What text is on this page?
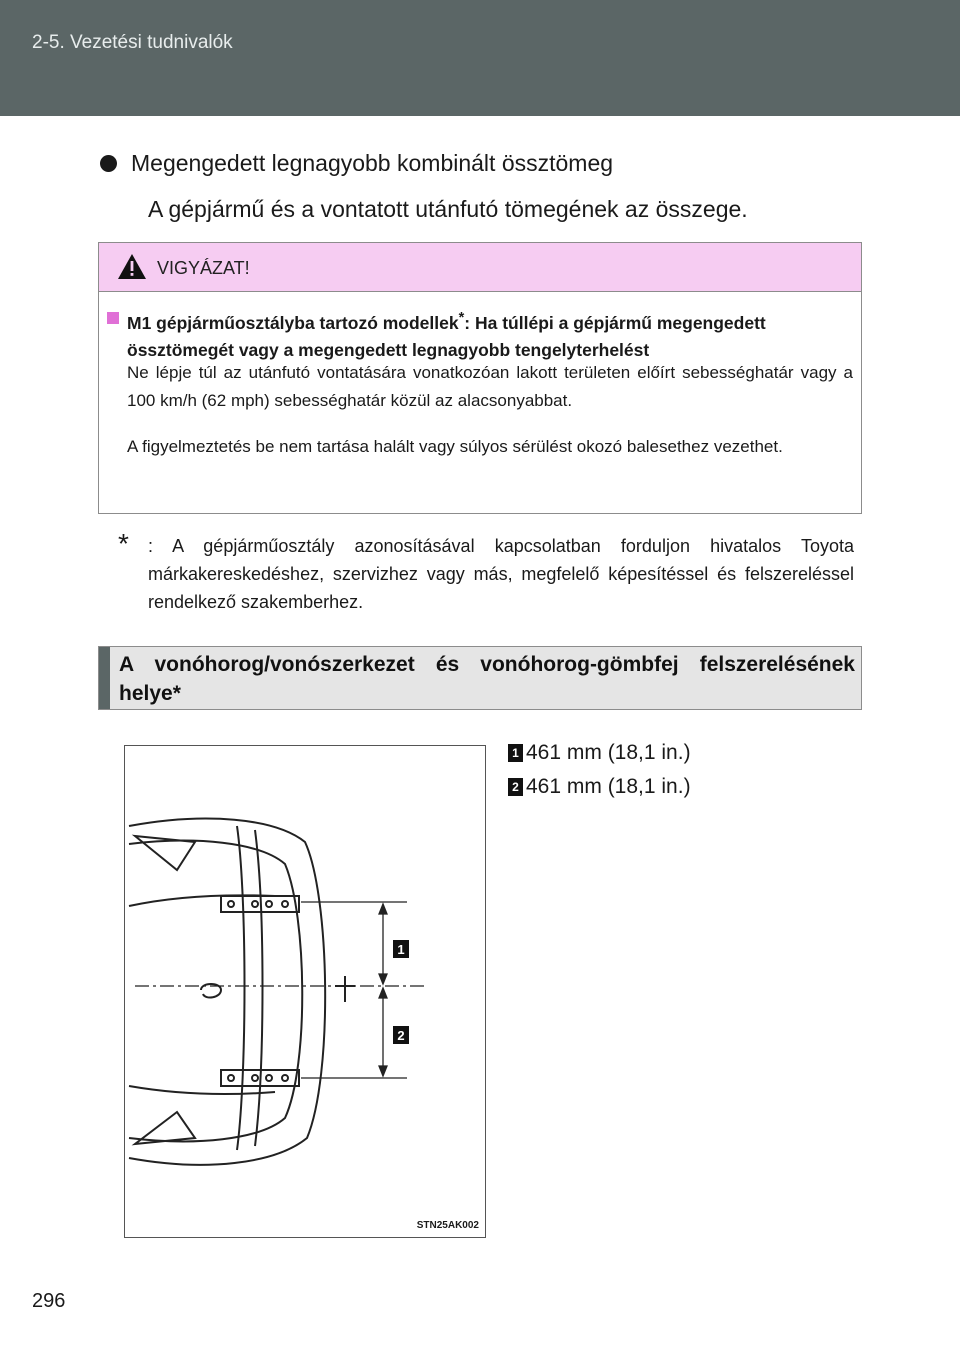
2-5. Vezetési tudnivalók
Megengedett legnagyobb kombinált össztömeg
A gépjármű és a vontatott utánfutó tömegének az összege.
VIGYÁZAT!
M1 gépjárműosztályba tartozó modellek*: Ha túllépi a gépjármű megengedett össztömegét vagy a megengedett legnagyobb tengelyterhelést
Ne lépje túl az utánfutó vontatására vonatkozóan lakott területen előírt sebességhatár vagy a 100 km/h (62 mph) sebességhatár közül az alacsonyabbat.
A figyelmeztetés be nem tartása halált vagy súlyos sérülést okozó balesethez vezethet.
*	: A gépjárműosztály azonosításával kapcsolatban forduljon hivatalos Toyota márkakereskedéshez, szervizhez vagy más, megfelelő képesítéssel és felszereléssel rendelkező szakemberhez.
A vonóhorog/vonószerkezet és vonóhorog-gömbfej felszerelésének helye*
1
2
STN25AK002
1 461 mm (18,1 in.)
2 461 mm (18,1 in.)
296
